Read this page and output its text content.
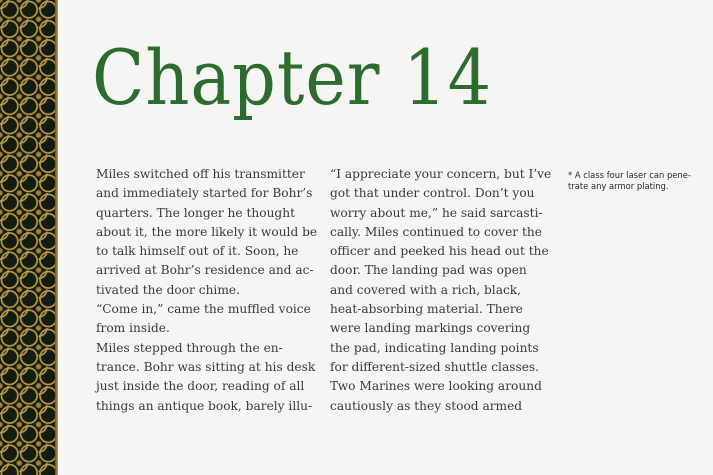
Chapter 14
Miles switched off his transmitter
and immediately started for Bohr’s
quarters. The longer he thought
about it, the more likely it would be
to talk himself out of it. Soon, he
arrived at Bohr’s residence and ac-
tivated the door chime.
“Come in,” came the muffled voice
from inside.
Miles stepped through the en-
trance. Bohr was sitting at his desk
just inside the door, reading of all
things an antique book, barely illu-
“I appreciate your concern, but I’ve
got that under control. Don’t you
worry about me,” he said sarcasti-
cally. Miles continued to cover the
officer and peeked his head out the
door. The landing pad was open
and covered with a rich, black,
heat-absorbing material. There
were landing markings covering
the pad, indicating landing points
for different-sized shuttle classes.
Two Marines were looking around
cautiously as they stood armed
* A class four laser can pene-
trate any armor plating.
